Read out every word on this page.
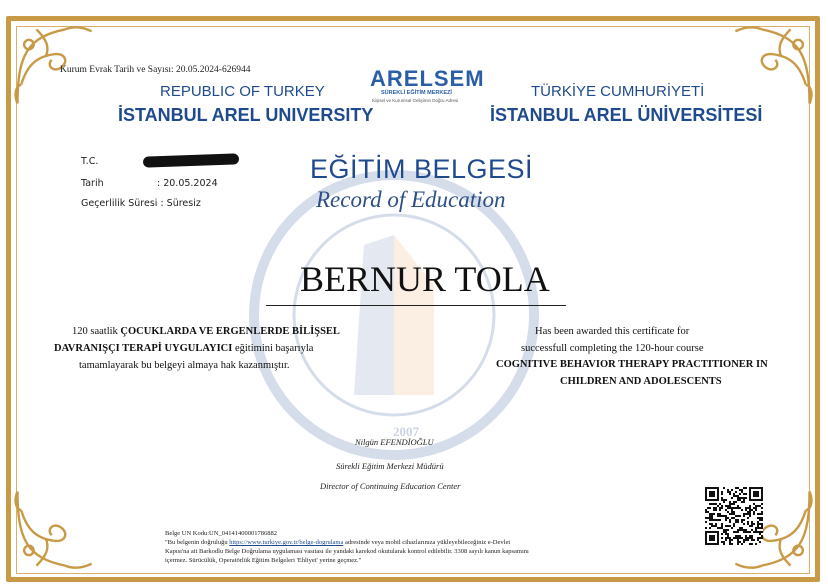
2007
Kurum Evrak Tarih ve Sayısı: 20.05.2024-626944
REPUBLIC OF TURKEY
İSTANBUL AREL UNIVERSITY
ARELSEM
SÜREKLİ EĞİTİM MERKEZİ
Kişisel ve Kurumsal Gelişimin Doğru Adresi
TÜRKİYE CUMHURİYETİ
İSTANBUL AREL ÜNİVERSİTESİ
T.C.
Tarih	: 20.05.2024
Geçerlilik Süresi : Süresiz
EĞİTİM BELGESİ
Record of Education
BERNUR TOLA
120 saatlik ÇOCUKLARDA VE ERGENLERDE BİLİŞSEL
DAVRANIŞÇI TERAPİ UYGULAYICI eğitimini başarıyla
tamamlayarak bu belgeyi almaya hak kazanmıştır.
Has been awarded this certificate for
successfull completing the 120-hour course
COGNITIVE BEHAVIOR THERAPY PRACTITIONER IN
CHILDREN AND ADOLESCENTS
Nilgün EFENDİOĞLU
Sürekli Eğitim Merkezi Müdürü
Director of Continuing Education Center
Belge UN Kodu:UN_04141400001786882
"Bu belgenin doğruluğu https://www.turkiye.gov.tr/belge-dogrulama adresinde veya mobil cihazlarınıza yükleyebileceğiniz e-Devlet
Kapısı'na ait Barkodlu Belge Doğrulama uygulaması vasıtası ile yandaki karekod okutularak kontrol edilebilir. 3308 sayılı kanun kapsamını
içermez. Sürücülük, Operatörlük Eğitim Belgeleri 'Ehliyet' yerine geçmez."
